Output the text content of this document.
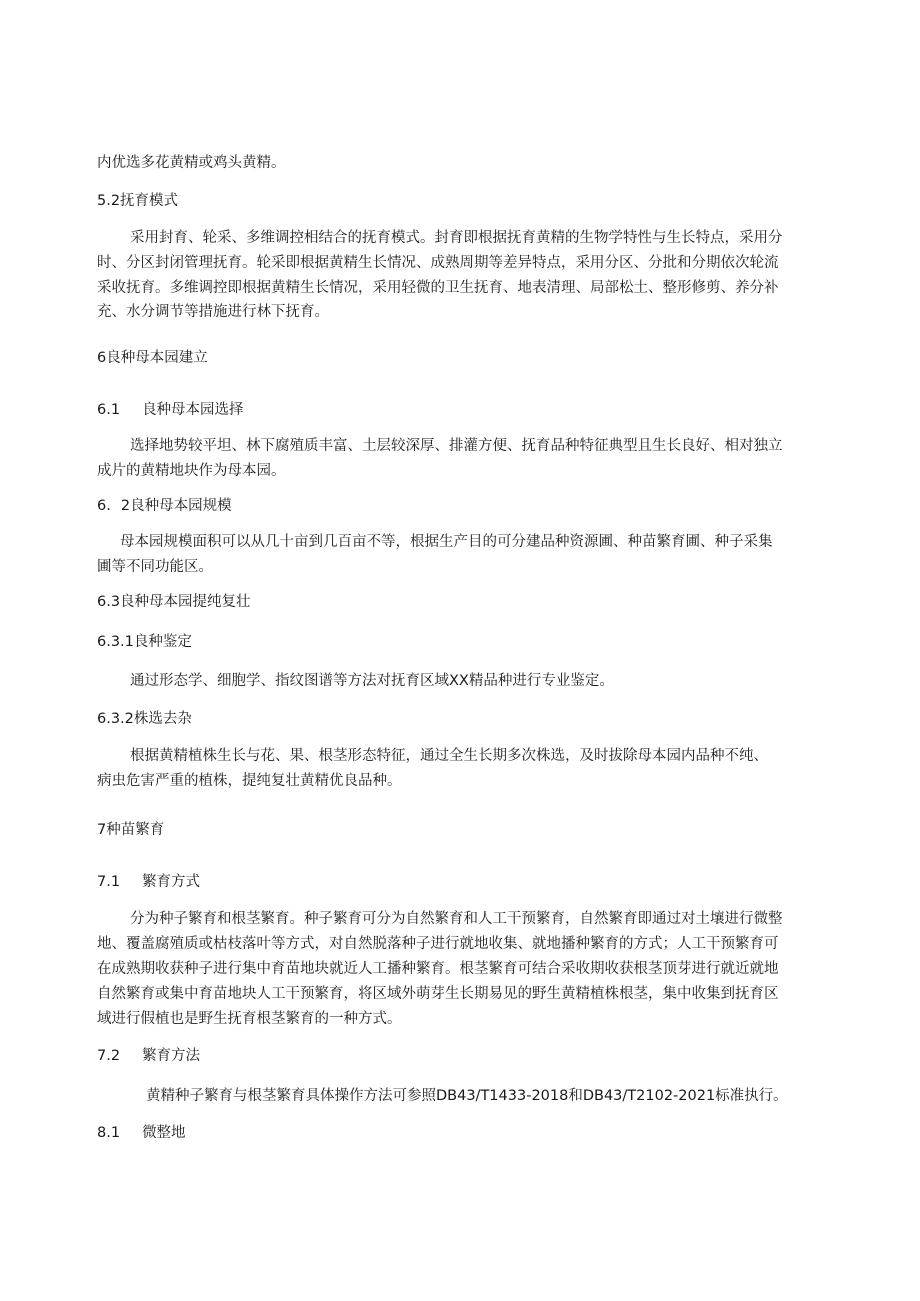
内优选多花黄精或鸡头黄精。

5.2抚育模式

采用封育、轮采、多维调控相结合的抚育模式。封育即根据抚育黄精的生物学特性与生长特点，采用分

时、分区封闭管理抚育。轮采即根据黄精生长情况、成熟周期等差异特点，采用分区、分批和分期依次轮流

采收抚育。多维调控即根据黄精生长情况，采用轻微的卫生抚育、地表清理、局部松土、整形修剪、养分补

充、水分调节等措施进行林下抚育。

6良种母本园建立

6.1 良种母本园选择

选择地势较平坦、林下腐殖质丰富、土层较深厚、排灌方便、抚育品种特征典型且生长良好、相对独立

成片的黄精地块作为母本园。

6. 2良种母本园规模

母本园规模面积可以从几十亩到几百亩不等，根据生产目的可分建品种资源圃、种苗繁育圃、种子采集

圃等不同功能区。

6.3良种母本园提纯复壮

6.3.1良种鉴定

通过形态学、细胞学、指纹图谱等方法对抚育区域XX精品种进行专业鉴定。

6.3.2株选去杂

根据黄精植株生长与花、果、根茎形态特征，通过全生长期多次株选，及时拔除母本园内品种不纯、

病虫危害严重的植株，提纯复壮黄精优良品种。

7种苗繁育

7.1 繁育方式

分为种子繁育和根茎繁育。种子繁育可分为自然繁育和人工干预繁育，自然繁育即通过对土壤进行微整

地、覆盖腐殖质或枯枝落叶等方式，对自然脱落种子进行就地收集、就地播种繁育的方式；人工干预繁育可

在成熟期收获种子进行集中育苗地块就近人工播种繁育。根茎繁育可结合采收期收获根茎顶芽进行就近就地

自然繁育或集中育苗地块人工干预繁育，将区域外萌芽生长期易见的野生黄精植株根茎，集中收集到抚育区

域进行假植也是野生抚育根茎繁育的一种方式。

7.2 繁育方法

黄精种子繁育与根茎繁育具体操作方法可参照DB43/T1433-2018和DB43/T2102-2021标准执行。

8.1 微整地
